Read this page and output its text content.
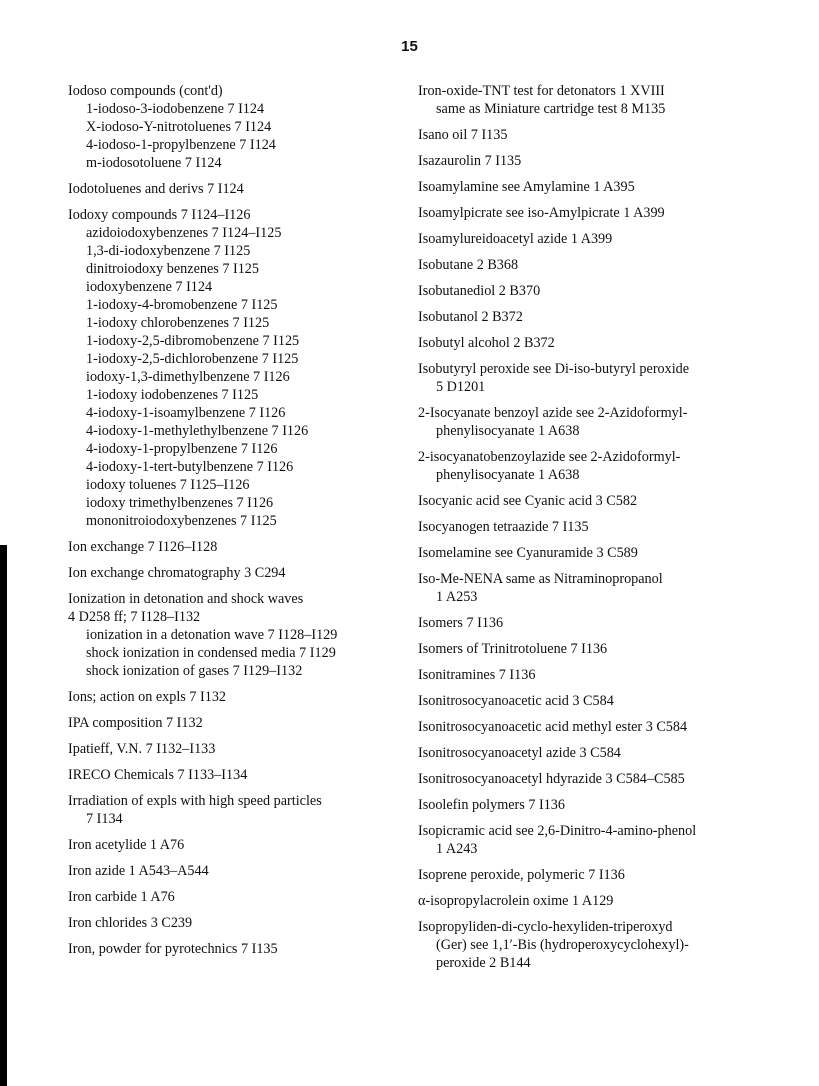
15
Iodoso compounds (cont'd)
1-iodoso-3-iodobenzene 7 I124
X-iodoso-Y-nitrotoluenes 7 I124
4-iodoso-1-propylbenzene 7 I124
m-iodosotoluene 7 I124
Iodotoluenes and derivs 7 I124
Iodoxy compounds 7 I124–I126
azidoiodoxybenzenes 7 I124–I125
1,3-di-iodoxybenzene 7 I125
dinitroiodoxy benzenes 7 I125
iodoxybenzene 7 I124
1-iodoxy-4-bromobenzene 7 I125
1-iodoxy chlorobenzenes 7 I125
1-iodoxy-2,5-dibromobenzene 7 I125
1-iodoxy-2,5-dichlorobenzene 7 I125
iodoxy-1,3-dimethylbenzene 7 I126
1-iodoxy iodobenzenes 7 I125
4-iodoxy-1-isoamylbenzene 7 I126
4-iodoxy-1-methylethylbenzene 7 I126
4-iodoxy-1-propylbenzene 7 I126
4-iodoxy-1-tert-butylbenzene 7 I126
iodoxy toluenes 7 I125–I126
iodoxy trimethylbenzenes 7 I126
mononitroiodoxybenzenes 7 I125
Ion exchange 7 I126–I128
Ion exchange chromatography 3 C294
Ionization in detonation and shock waves
4 D258 ff; 7 I128–I132
ionization in a detonation wave 7 I128–I129
shock ionization in condensed media 7 I129
shock ionization of gases 7 I129–I132
Ions; action on expls 7 I132
IPA composition 7 I132
Ipatieff, V.N. 7 I132–I133
IRECO Chemicals 7 I133–I134
Irradiation of expls with high speed particles
7 I134
Iron acetylide 1 A76
Iron azide 1 A543–A544
Iron carbide 1 A76
Iron chlorides 3 C239
Iron, powder for pyrotechnics 7 I135
Iron-oxide-TNT test for detonators 1 XVIII
same as Miniature cartridge test 8 M135
Isano oil 7 I135
Isazaurolin 7 I135
Isoamylamine see Amylamine 1 A395
Isoamylpicrate see iso-Amylpicrate 1 A399
Isoamylureidoacetyl azide 1 A399
Isobutane 2 B368
Isobutanediol 2 B370
Isobutanol 2 B372
Isobutyl alcohol 2 B372
Isobutyryl peroxide see Di-iso-butyryl peroxide
5 D1201
2-Isocyanate benzoyl azide see 2-Azidoformyl-
phenylisocyanate 1 A638
2-isocyanatobenzoylazide see 2-Azidoformyl-
phenylisocyanate 1 A638
Isocyanic acid see Cyanic acid 3 C582
Isocyanogen tetraazide 7 I135
Isomelamine see Cyanuramide 3 C589
Iso-Me-NENA same as Nitraminopropanol
1 A253
Isomers 7 I136
Isomers of Trinitrotoluene 7 I136
Isonitramines 7 I136
Isonitrosocyanoacetic acid 3 C584
Isonitrosocyanoacetic acid methyl ester 3 C584
Isonitrosocyanoacetyl azide 3 C584
Isonitrosocyanoacetyl hdyrazide 3 C584–C585
Isoolefin polymers 7 I136
Isopicramic acid see 2,6-Dinitro-4-amino-phenol
1 A243
Isoprene peroxide, polymeric 7 I136
α-isopropylacrolein oxime 1 A129
Isopropyliden-di-cyclo-hexyliden-triperoxyd
(Ger) see 1,1′-Bis (hydroperoxycyclohexyl)-
peroxide 2 B144
